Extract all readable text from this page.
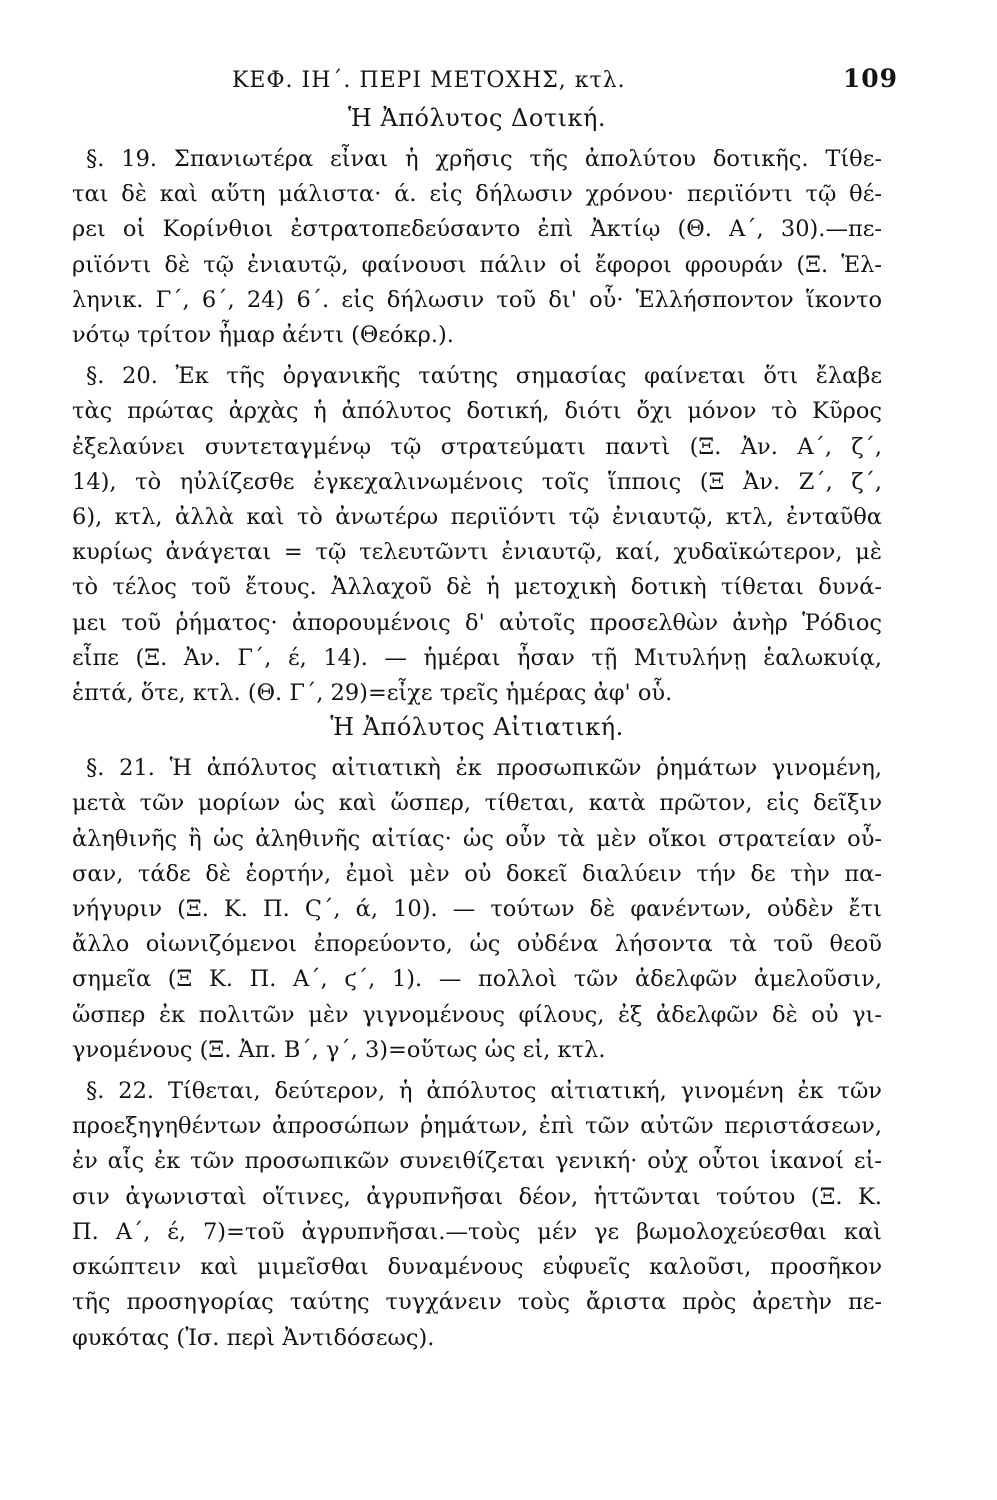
ΚΕΦ. ΙΗ΄. ΠΕΡΙ ΜΕΤΟΧΗΣ, κτλ.	109
Ἡ Ἀπόλυτος Δοτική.
§. 19. Σπανιωτέρα εἶναι ἡ χρῆσις τῆς ἀπολύτου δοτικῆς. Τίθε-
ται δὲ καὶ αὕτη μάλιστα· ά. εἰς δήλωσιν χρόνου· περιϊόντι τῷ θέ-
ρει οἱ Κορίνθιοι ἐστρατοπεδεύσαντο ἐπὶ Ἀκτίῳ (Θ. Α΄, 30).—πε-
ριϊόντι δὲ τῷ ἐνιαυτῷ, φαίνουσι πάλιν οἱ ἔφοροι φρουράν (Ξ. Ἑλ-
ληνικ. Γ΄, 6΄, 24) 6΄. εἰς δήλωσιν τοῦ δι' οὗ· Ἑλλήσποντον ἵκοντο
νότῳ τρίτον ἦμαρ ἀέντι (Θεόκρ.).
§. 20. Ἐκ τῆς ὀργανικῆς ταύτης σημασίας φαίνεται ὅτι ἔλαβε
τὰς πρώτας ἀρχὰς ἡ ἀπόλυτος δοτική, διότι ὄχι μόνον τὸ Κῦρος
ἐξελαύνει συντεταγμένῳ τῷ στρατεύματι παντὶ (Ξ. Ἀν. Α΄, ζ΄,
14), τὸ ηὐλίζεσθε ἐγκεχαλινωμένοις τοῖς ἵπποις (Ξ Ἀν. Ζ΄, ζ΄,
6), κτλ, ἀλλὰ καὶ τὸ ἀνωτέρω περιϊόντι τῷ ἐνιαυτῷ, κτλ, ἐνταῦθα
κυρίως ἀνάγεται = τῷ τελευτῶντι ἐνιαυτῷ, καί, χυδαϊκώτερον, μὲ
τὸ τέλος τοῦ ἔτους. Ἀλλαχοῦ δὲ ἡ μετοχικὴ δοτικὴ τίθεται δυνά-
μει τοῦ ῥήματος· ἀπορουμένοις δ' αὐτοῖς προσελθὼν ἀνὴρ Ῥόδιος
εἶπε (Ξ. Ἀν. Γ΄, έ, 14). — ἡμέραι ἦσαν τῇ Μιτυλήνῃ ἑαλωκυίᾳ,
ἑπτά, ὅτε, κτλ. (Θ. Γ΄, 29)=εἶχε τρεῖς ἡμέρας ἀφ' οὗ.
Ἡ Ἀπόλυτος Αἰτιατική.
§. 21. Ἡ ἀπόλυτος αἰτιατικὴ ἐκ προσωπικῶν ῥημάτων γινομένη,
μετὰ τῶν μορίων ὡς καὶ ὥσπερ, τίθεται, κατὰ πρῶτον, εἰς δεῖξιν
ἀληθινῆς ἢ ὡς ἀληθινῆς αἰτίας· ὡς οὖν τὰ μὲν οἴκοι στρατείαν οὖ-
σαν, τάδε δὲ ἑορτήν, ἐμοὶ μὲν οὐ δοκεῖ διαλύειν τήν δε τὴν πα-
νήγυριν (Ξ. Κ. Π. Ϛ΄, ά, 10). — τούτων δὲ φανέντων, οὐδὲν ἔτι
ἄλλο οἰωνιζόμενοι ἐπορεύοντο, ὡς οὐδένα λήσοντα τὰ τοῦ θεοῦ
σημεῖα (Ξ Κ. Π. Α΄, ϛ΄, 1). — πολλοὶ τῶν ἀδελφῶν ἀμελοῦσιν,
ὥσπερ ἐκ πολιτῶν μὲν γιγνομένους φίλους, ἐξ ἀδελφῶν δὲ οὐ γι-
γνομένους (Ξ. Ἀπ. Β΄, γ΄, 3)=οὕτως ὡς εἰ, κτλ.
§. 22. Τίθεται, δεύτερον, ἡ ἀπόλυτος αἰτιατική, γινομένη ἐκ τῶν
προεξηγηθέντων ἀπροσώπων ῥημάτων, ἐπὶ τῶν αὐτῶν περιστάσεων,
ἐν αἷς ἐκ τῶν προσωπικῶν συνειθίζεται γενική· οὐχ οὗτοι ἱκανοί εἰ-
σιν ἀγωνισταὶ οἵτινες, ἀγρυπνῆσαι δέον, ἡττῶνται τούτου (Ξ. Κ.
Π. Α΄, έ, 7)=τοῦ ἀγρυπνῆσαι.—τοὺς μέν γε βωμολοχεύεσθαι καὶ
σκώπτειν καὶ μιμεῖσθαι δυναμένους εὐφυεῖς καλοῦσι, προσῆκον
τῆς προσηγορίας ταύτης τυγχάνειν τοὺς ἄριστα πρὸς ἀρετὴν πε-
φυκότας (Ἰσ. περὶ Ἀντιδόσεως).
